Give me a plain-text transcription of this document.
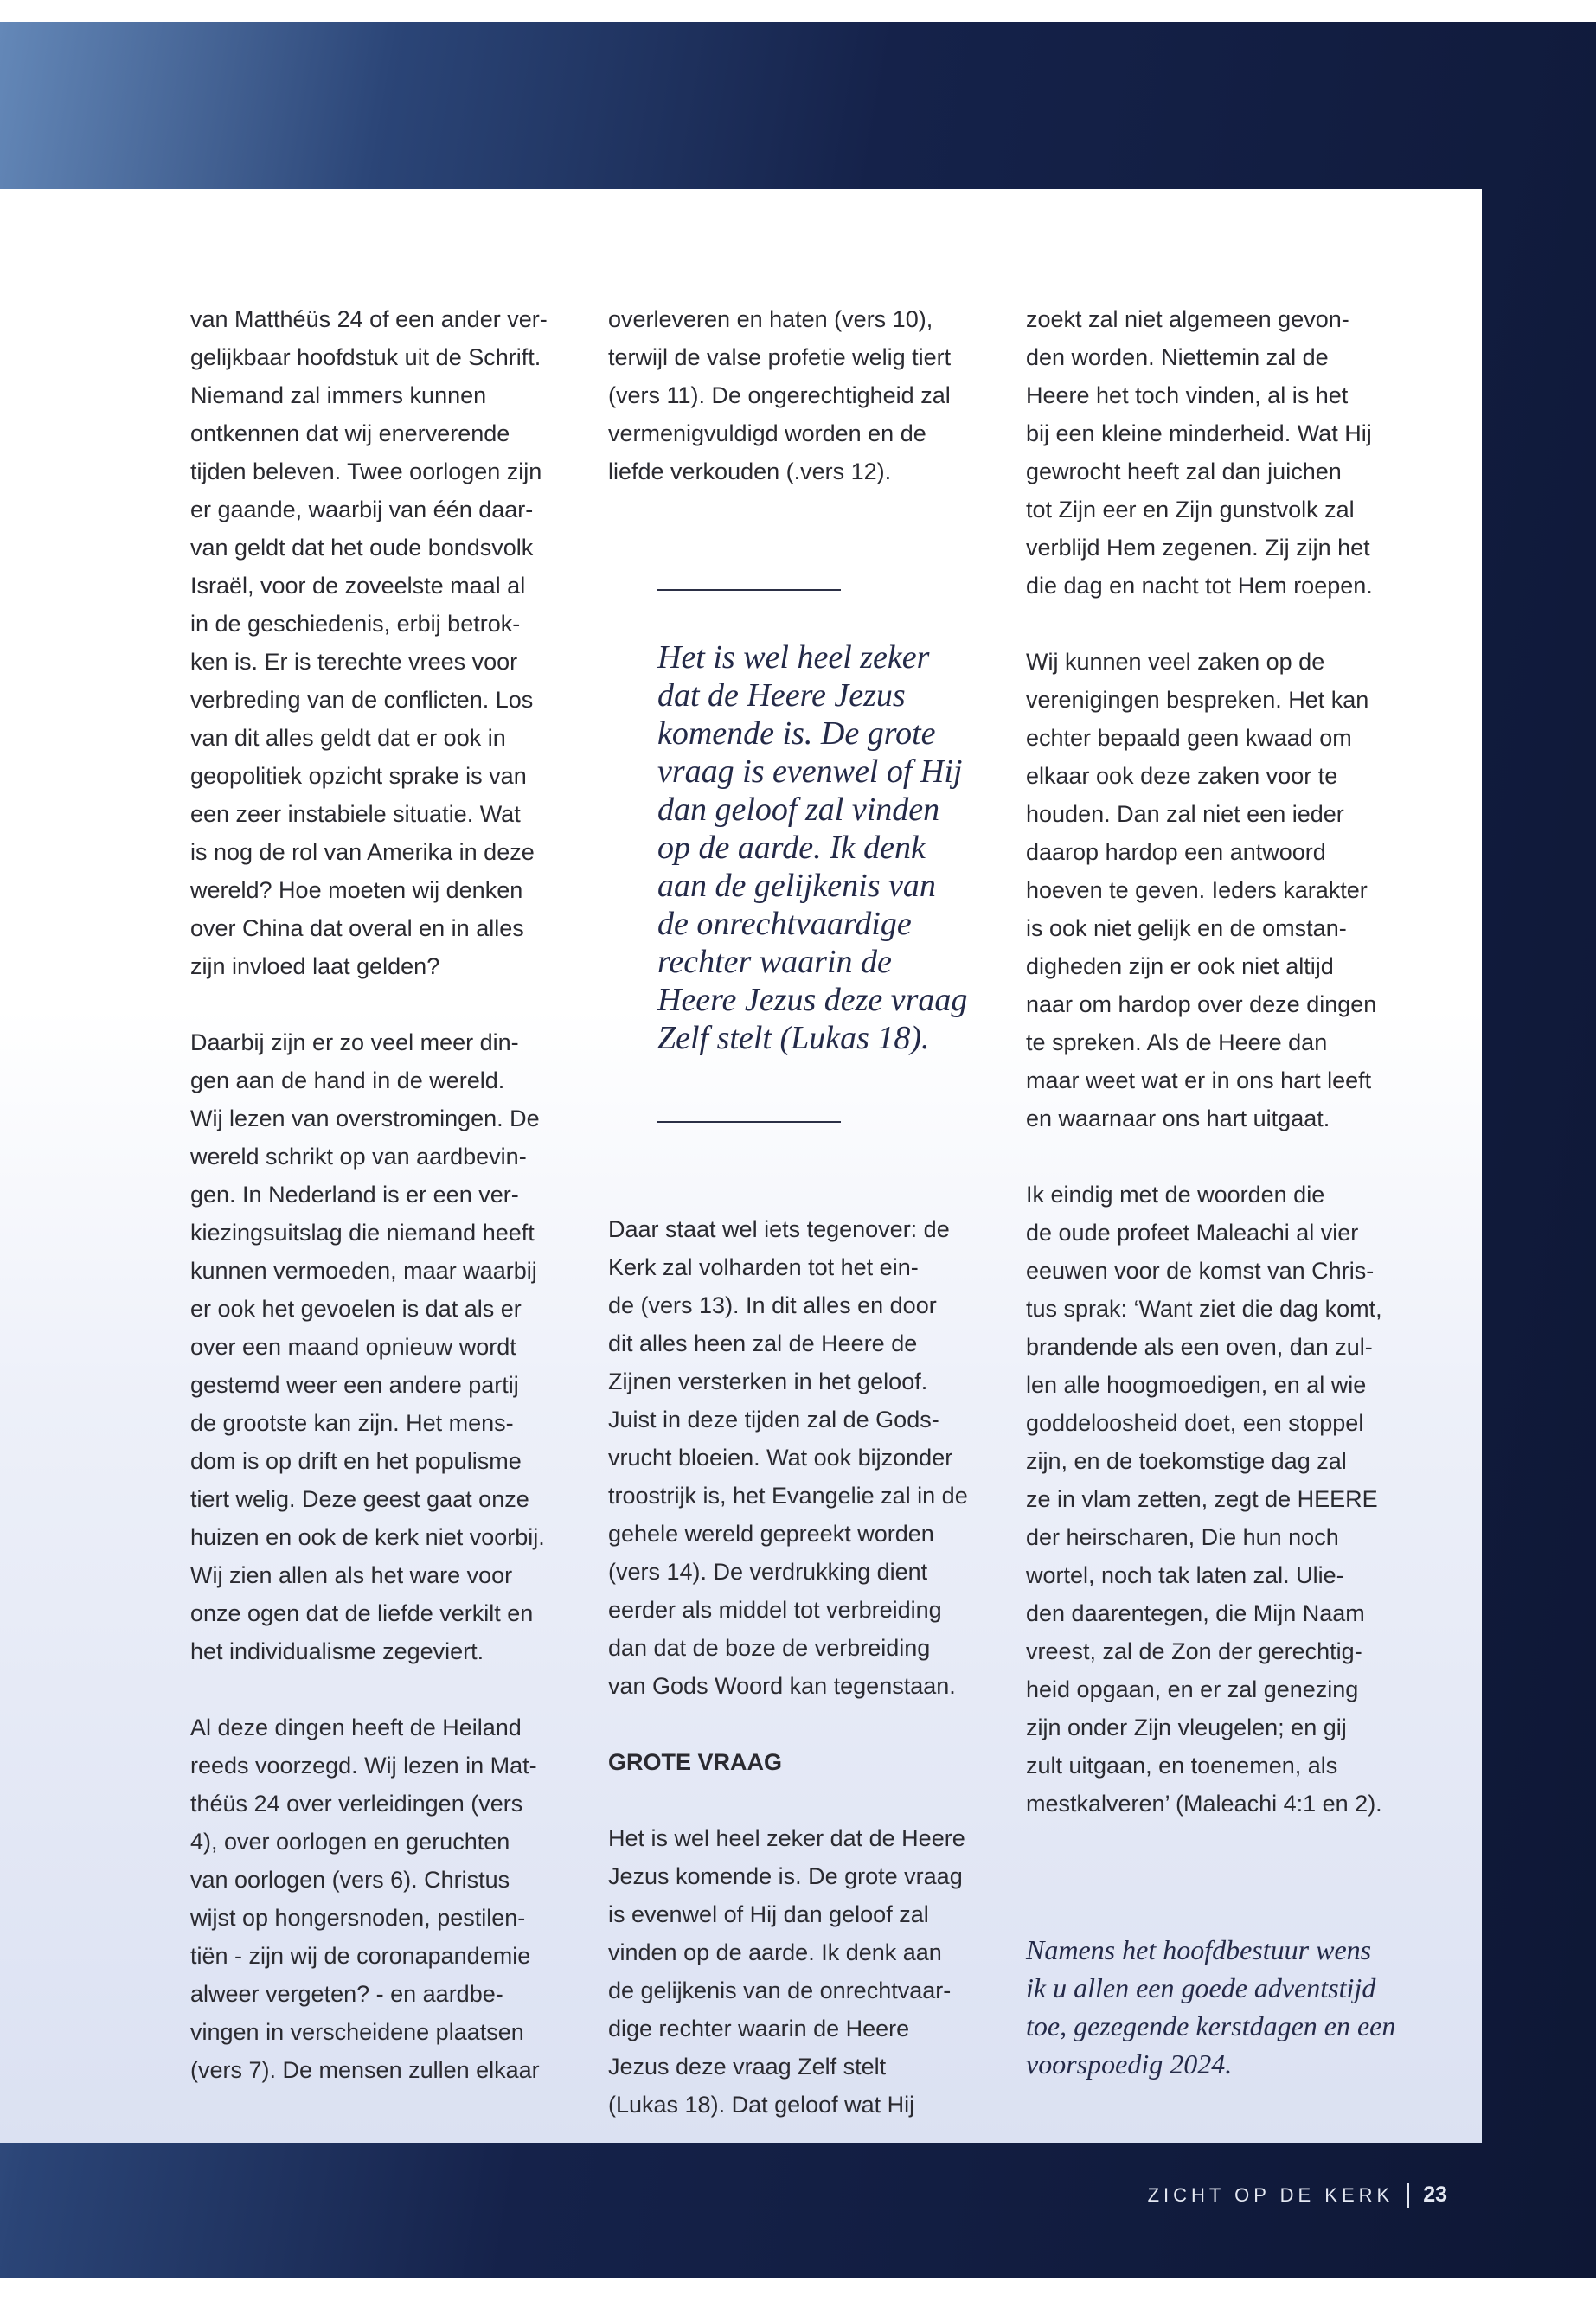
van Matthéüs 24 of een ander ver-
gelijkbaar hoofdstuk uit de Schrift.
Niemand zal immers kunnen
ontkennen dat wij enerverende
tijden beleven. Twee oorlogen zijn
er gaande, waarbij van één daar-
van geldt dat het oude bondsvolk
Israël, voor de zoveelste maal al
in de geschiedenis, erbij betrok-
ken is. Er is terechte vrees voor
verbreding van de conflicten. Los
van dit alles geldt dat er ook in
geopolitiek opzicht sprake is van
een zeer instabiele situatie. Wat
is nog de rol van Amerika in deze
wereld? Hoe moeten wij denken
over China dat overal en in alles
zijn invloed laat gelden?

Daarbij zijn er zo veel meer din-
gen aan de hand in de wereld.
Wij lezen van overstromingen. De
wereld schrikt op van aardbevin-
gen. In Nederland is er een ver-
kiezingsuitslag die niemand heeft
kunnen vermoeden, maar waarbij
er ook het gevoelen is dat als er
over een maand opnieuw wordt
gestemd weer een andere partij
de grootste kan zijn. Het mens-
dom is op drift en het populisme
tiert welig. Deze geest gaat onze
huizen en ook de kerk niet voorbij.
Wij zien allen als het ware voor
onze ogen dat de liefde verkilt en
het individualisme zegeviert.

Al deze dingen heeft de Heiland
reeds voorzegd. Wij lezen in Mat-
théüs 24 over verleidingen (vers
4), over oorlogen en geruchten
van oorlogen (vers 6). Christus
wijst op hongersnoden, pestilen-
tiën - zijn wij de coronapandemie
alweer vergeten? - en aardbe-
vingen in verscheidene plaatsen
(vers 7). De mensen zullen elkaar

overleveren en haten (vers 10),
terwijl de valse profetie welig tiert
(vers 11). De ongerechtigheid zal
vermenigvuldigd worden en de
liefde verkouden (.vers 12).

Het is wel heel zeker
dat de Heere Jezus
komende is. De grote
vraag is evenwel of Hij
dan geloof zal vinden
op de aarde. Ik denk
aan de gelijkenis van
de onrechtvaardige
rechter waarin de
Heere Jezus deze vraag
Zelf stelt (Lukas 18).

Daar staat wel iets tegenover: de
Kerk zal volharden tot het ein-
de (vers 13). In dit alles en door
dit alles heen zal de Heere de
Zijnen versterken in het geloof.
Juist in deze tijden zal de Gods-
vrucht bloeien. Wat ook bijzonder
troostrijk is, het Evangelie zal in de
gehele wereld gepreekt worden
(vers 14). De verdrukking dient
eerder als middel tot verbreiding
dan dat de boze de verbreiding
van Gods Woord kan tegenstaan.

GROTE VRAAG

Het is wel heel zeker dat de Heere
Jezus komende is. De grote vraag
is evenwel of Hij dan geloof zal
vinden op de aarde. Ik denk aan
de gelijkenis van de onrechtvaar-
dige rechter waarin de Heere
Jezus deze vraag Zelf stelt
(Lukas 18). Dat geloof wat Hij

zoekt zal niet algemeen gevon-
den worden. Niettemin zal de
Heere het toch vinden, al is het
bij een kleine minderheid. Wat Hij
gewrocht heeft zal dan juichen
tot Zijn eer en Zijn gunstvolk zal
verblijd Hem zegenen. Zij zijn het
die dag en nacht tot Hem roepen.

Wij kunnen veel zaken op de
verenigingen bespreken. Het kan
echter bepaald geen kwaad om
elkaar ook deze zaken voor te
houden. Dan zal niet een ieder
daarop hardop een antwoord
hoeven te geven. Ieders karakter
is ook niet gelijk en de omstan-
digheden zijn er ook niet altijd
naar om hardop over deze dingen
te spreken. Als de Heere dan
maar weet wat er in ons hart leeft
en waarnaar ons hart uitgaat.

Ik eindig met de woorden die
de oude profeet Maleachi al vier
eeuwen voor de komst van Chris-
tus sprak: ‘Want ziet die dag komt,
brandende als een oven, dan zul-
len alle hoogmoedigen, en al wie
goddeloosheid doet, een stoppel
zijn, en de toekomstige dag zal
ze in vlam zetten, zegt de HEERE
der heirscharen, Die hun noch
wortel, noch tak laten zal. Ulie-
den daarentegen, die Mijn Naam
vreest, zal de Zon der gerechtig-
heid opgaan, en er zal genezing
zijn onder Zijn vleugelen; en gij
zult uitgaan, en toenemen, als
mestkalveren’ (Maleachi 4:1 en 2).

Namens het hoofdbestuur wens
ik u allen een goede adventstijd
toe, gezegende kerstdagen en een
voorspoedig 2024.
ZICHT OP DE KERK 23
